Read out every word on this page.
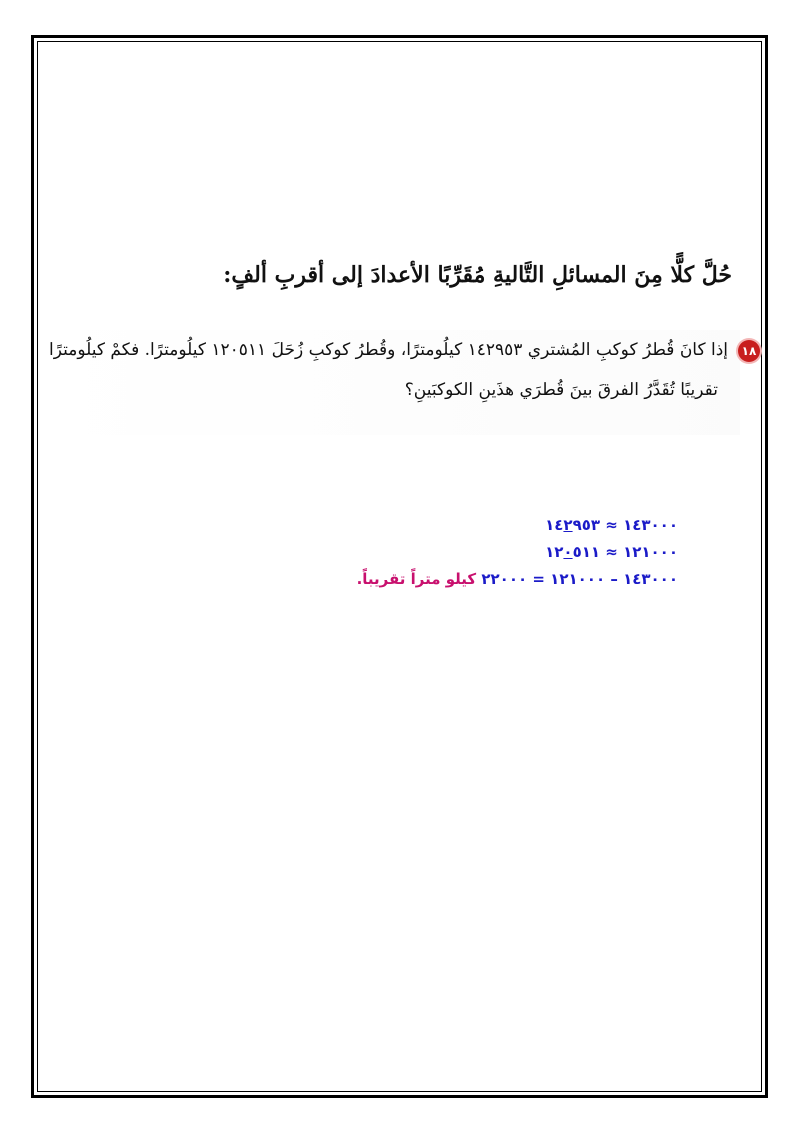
حُلَّ كلًّا مِنَ المسائلِ التَّاليةِ مُقَرِّبًا الأعدادَ إلى أقربِ ألفٍ:
١٨إذا كانَ قُطرُ كوكبِ المُشتري ١٤٢٩٥٣ كيلُومترًا، وقُطرُ كوكبِ زُحَلَ ١٢٠٥١١ كيلُومترًا. فكمْ كيلُومترًا
تقريبًا تُقَدَّرُ الفرقَ بينَ قُطرَي هذَينِ الكوكبَينِ؟
١٤٣٠٠٠ ≈ ١٤٢٩٥٣
١٢١٠٠٠ ≈ ١٢٠٥١١
١٤٣٠٠٠ – ١٢١٠٠٠ = ٢٢٠٠٠ كيلو متراً تقريباً.
